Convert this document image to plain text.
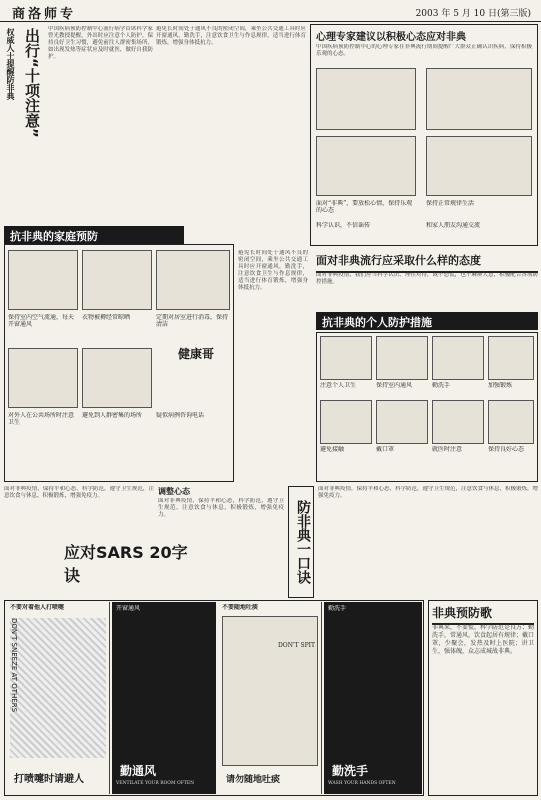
商洛师专	2003 年 5 月 10 日(第三版)
权威人士提醒防非典 出行“十项注意”	中国疾病预防控制中心流行病学首席科学家曾光教授提醒，外出时应注意个人防护，保持良好卫生习惯，避免前往人群密集场所，如出现发热等症状应及时就医，做好自我防护。
避免长时间处于通风不良的密闭空间，乘坐公共交通工具时应开窗通风，勤洗手，注意饮食卫生与作息规律，适当进行体育锻炼，增强身体抵抗力。	心理专家建议以积极心态应对非典
中国疾病预防控制中心的心理专家在非典流行期间提醒广大群众正确认识疾病，保持积极乐观的心态。
面对“非典”，要放松心情，保持乐观的心态
保持正常规律生活
科学认识，不信谣传	和家人朋友沟通交流
抗非典的家庭预防
保持室内空气流通，每天开窗通风
衣物被褥经常晾晒	定期对居室进行消毒，保持清洁
对外人在公共场所时注意卫生
避免到人群密集的场所
健康哥
疑似病例咨询电话
避免长时间处于通风不良的密闭空间，乘坐公共交通工具时应开窗通风，勤洗手，注意饮食卫生与作息规律，适当进行体育锻炼，增强身体抵抗力。
面对非典流行应采取什么样的态度
面对非典疫情，我们应当科学认识、理性对待，既不恐慌，也不麻痹大意，积极配合各项防控措施。
抗非典的个人防护措施
注意个人卫生	保持室内通风	勤洗手	加强锻炼
避免接触	戴口罩	就医时注意	保持良好心态
面对非典疫情，保持平和心态，科学防范，遵守卫生规范，注意饮食与休息，积极锻炼，增强免疫力。
应对SARS 20字诀
调整心态
面对非典疫情，保持平和心态，科学防范，遵守卫生规范，注意饮食与休息，积极锻炼，增强免疫力。	防非典一口诀
面对非典疫情，保持平和心态，科学防范，遵守卫生规范，注意饮食与休息，积极锻炼，增强免疫力。
不要对着他人打喷嚏
DON'T SNEEZE AT OTHERS
打喷嚏时请避人
开窗通风
勤通风
VENTILATE YOUR ROOM OFTEN
不要随地吐痰
DON'T SPIT
请勿随地吐痰
勤洗手
勤洗手
WASH YOUR HANDS OFTEN
非典预防歌
非典来，不要慌，科学防范是良方；勤洗手，常通风，饮食起居有规律；戴口罩，少聚会，发热及时上医院；讲卫生，强体魄，众志成城战非典。
